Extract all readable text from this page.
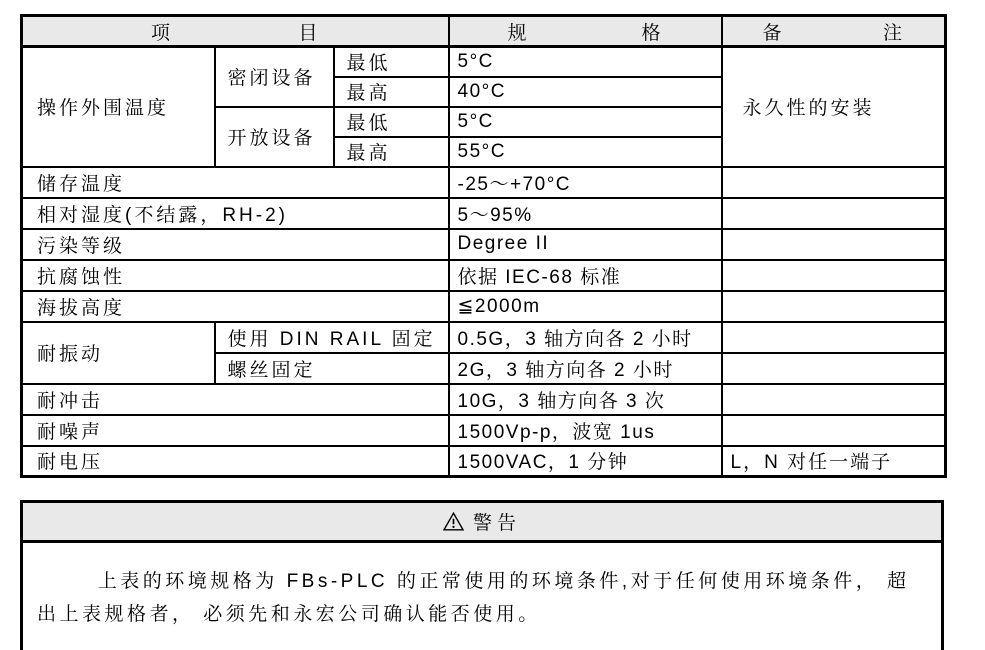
项目			规格	备注
操作外围温度	密闭设备	最低	5°C	永久性的安装
		最高	40°C	
	开放设备	最低	5°C	
		最高	55°C	
储存温度			-25～+70°C	
相对湿度(不结露，RH-2)			5～95%	
污染等级			Degree II	
抗腐蚀性			依据 IEC-68 标准	
海拔高度			≦2000m	
耐振动	使用 DIN RAIL 固定		0.5G，3 轴方向各 2 小时	
	螺丝固定		2G，3 轴方向各 2 小时	
耐冲击			10G，3 轴方向各 3 次	
耐噪声			1500Vp-p，波宽 1us	
耐电压			1500VAC，1 分钟	L，N 对任一端子
警告
上表的环境规格为 FBs-PLC 的正常使用的环境条件,对于任何使用环境条件， 超出上表规格者， 必须先和永宏公司确认能否使用。
